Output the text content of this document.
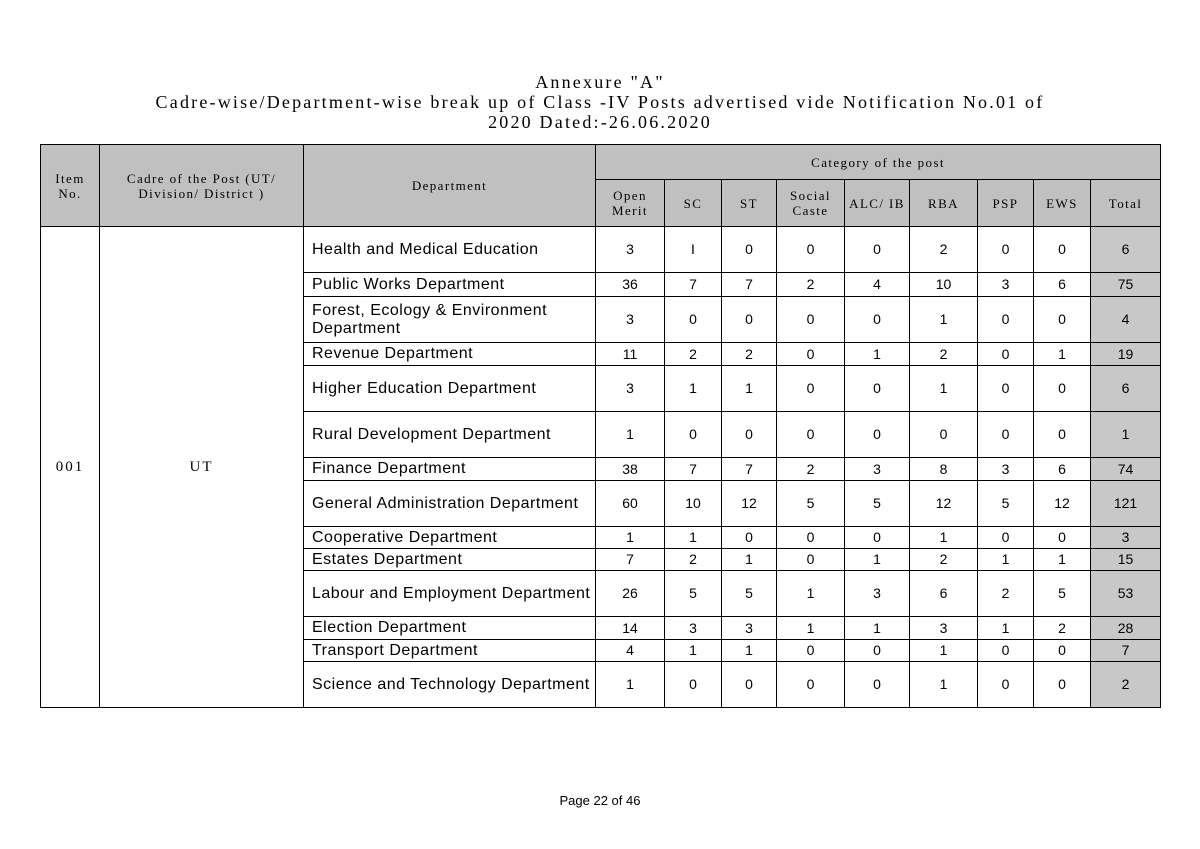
Annexure "A"
Cadre-wise/Department-wise break up of Class -IV Posts advertised vide Notification No.01 of
2020 Dated:-26.06.2020
Item No.	Cadre of the Post (UT/ Division/ District )	Department	Category of the post								
			Open Merit	SC	ST	Social Caste	ALC/ IB	RBA	PSP	EWS	Total
001	UT	Health and Medical Education	3	I	0	0	0	2	0	0	6
		Public Works Department	36	7	7	2	4	10	3	6	75
		Forest, Ecology & Environment Department	3	0	0	0	0	1	0	0	4
		Revenue Department	11	2	2	0	1	2	0	1	19
		Higher Education Department	3	1	1	0	0	1	0	0	6
		Rural Development Department	1	0	0	0	0	0	0	0	1
		Finance Department	38	7	7	2	3	8	3	6	74
		General Administration Department	60	10	12	5	5	12	5	12	121
		Cooperative Department	1	1	0	0	0	1	0	0	3
		Estates Department	7	2	1	0	1	2	1	1	15
		Labour and Employment Department	26	5	5	1	3	6	2	5	53
		Election Department	14	3	3	1	1	3	1	2	28
		Transport Department	4	1	1	0	0	1	0	0	7
		Science and Technology Department	1	0	0	0	0	1	0	0	2
Page 22 of 46
